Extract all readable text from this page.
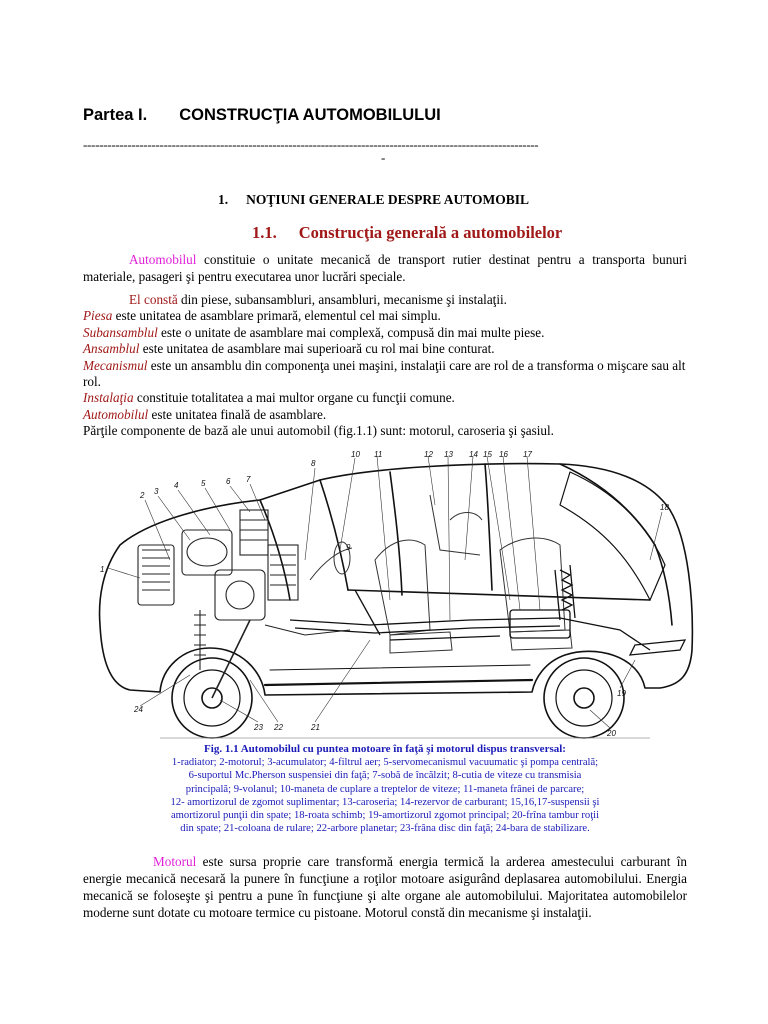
Partea I. CONSTRUCŢIA AUTOMOBILULUI
-----------------------------------------------------------------------------------------------------------------
-
1. NOŢIUNI GENERALE DESPRE AUTOMOBIL
1.1. Construcţia generală a automobilelor
Automobilul constituie o unitate mecanică de transport rutier destinat pentru a transporta bunuri materiale, pasageri şi pentru executarea unor lucrări speciale.
El constă din piese, subansambluri, ansambluri, mecanisme şi instalaţii.
Piesa este unitatea de asamblare primară, elementul cel mai simplu.
Subansamblul este o unitate de asamblare mai complexă, compusă din mai multe piese.
Ansamblul este unitatea de asamblare mai superioară cu rol mai bine conturat.
Mecanismul este un ansamblu din componenţa unei maşini, instalaţii care are rol de a transforma o mişcare sau alt rol.
Instalaţia constituie totalitatea a mai multor organe cu funcţii comune.
Automobilul este unitatea finală de asamblare.
Părţile componente de bază ale unui automobil (fig.1.1) sunt: motorul, caroseria şi şasiul.
1
2 3
4	5	6 7
8
10 11	12 13 14 15 16 17
18
19
20
21
22
23
24
9
Fig. 1.1 Automobilul cu puntea motoare în faţă şi motorul dispus transversal:
1-radiator; 2-motorul; 3-acumulator; 4-filtrul aer; 5-servomecanismul vacuumatic şi pompa centrală;
6-suportul Mc.Pherson suspensiei din faţă; 7-sobă de încălzit; 8-cutia de viteze cu transmisia
principală; 9-volanul; 10-maneta de cuplare a treptelor de viteze; 11-maneta frânei de parcare;
12- amortizorul de zgomot suplimentar; 13-caroseria; 14-rezervor de carburant; 15,16,17-suspensii şi
amortizorul punţii din spate; 18-roata schimb; 19-amortizorul zgomot principal; 20-frîna tambur roţii
din spate; 21-coloana de rulare; 22-arbore planetar; 23-frâna disc din faţă; 24-bara de stabilizare.
Motorul este sursa proprie care transformă energia termică la arderea amestecului carburant în energie mecanică necesară la punere în funcţiune a roţilor motoare asigurând deplasarea automobilului. Energia mecanică se foloseşte şi pentru a pune în funcţiune şi alte organe ale automobilului. Majoritatea automobilelor moderne sunt dotate cu motoare termice cu pistoane. Motorul constă din mecanisme şi instalaţii.
